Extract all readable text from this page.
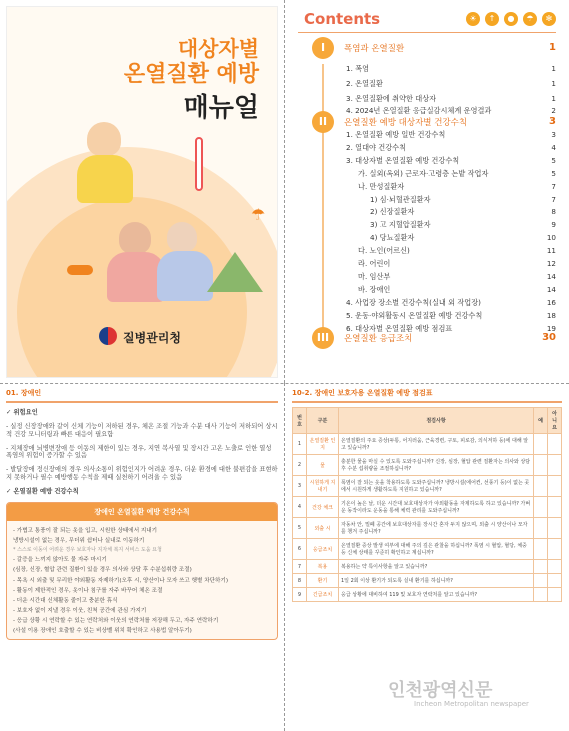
대상자별
온열질환 예방
매뉴얼
☂
질병관리청
Contents	☀	↑	●	☂	✻
I	폭염과 온열질환	1
1. 폭염	1
2. 온열질환	1
3. 온열질환에 취약한 대상자	1
4. 2024년 온열질환 응급실감시체계 운영결과	2
II	온열질환 예방 대상자별 건강수칙	3
1. 온열질환 예방 일반 건강수칙	3
2. 열대야 건강수칙	4
3. 대상자별 온열질환 예방 건강수칙	5
가. 실외(옥외) 근로자·고령층 논밭 작업자	5
나. 만성질환자	7
1) 심·뇌혈관질환자	7
2) 신장질환자	8
3) 고 지혈압질환자	9
4) 당뇨질환자	10
다. 노인(어르신)	11
라. 어린이	12
마. 임산부	14
바. 장애인	14
4. 사업장 장소별 건강수칙(실내 외 작업장)	16
5. 운동·야외활동시 온열질환 예방 건강수칙	18
6. 대상자별 온열질환 예방 점검표	19
III	온열질환 응급조치	30
01. 장애인
✓ 위험요인
- 실정 신장장애와 같이 신체 기능이 저하된 경우, 체온 조절 기능과 수분 대사 기능이 저하되어 상시적 건강 모니터링과 빠른 대응이 필요함
- 지체장애 뇌병변장애 등 이동의 제한이 있는 경우, 지연 복사열 및 장시간 고온 노출로 인한 열성 폭염의 위험이 증가할 수 있음
- 발달장애 정신장애의 경우 의사소통이 위험인지가 어려운 경우, 더운 환경에 대한 불편감을 표현하지 못하거나 필수 예방행동 수칙을 제때 실천하기 어려울 수 있음
✓ 온열질환 예방 건강수칙
장애인 온열질환 예방 건강수칙
- 가볍고 통풍이 잘 되는 옷을 입고, 시원한 상태에서 지내기
냉방시설이 없는 경우, 무더위 쉼터나 실내로 이동하기
* 스스로 이동이 어려운 경우 보호자나 지자체 복지 서비스 도움 요청
- 갈증을 느끼지 않아도 물 자주 마시기
(심장, 신장, 혈압 관련 질환이 있을 경우 의사와 상담 후 수분섭취량 조절)
- 목욕 시 외출 및 무리한 야외활동 자제하기(오후 시, 양산이나 모자 쓰고 햇볕 차단하기)
- 활동이 제한적인 경우, 옷이나 침구를 자주 바꾸어 체온 조절
- 더운 시간대 신체활동 줄이고 충분한 휴식
- 보호자 없이 지낼 경우 이웃, 친척 공간에 관심 가지기
- 응급 상황 시 연락할 수 있는 연락처와 이웃의 연락처를 저장해 두고, 자주 연락하기
(사설 이용 장애인 호출할 수 있는 비상벨 위치 확인하고 사용법 알아두기)
10-2. 장애인 보호자용 온열질환 예방 점검표
번호	구분	점검사항	예	아니요
1	온열질환 인지	온열질환의 주요 증상(두통, 어지러움, 근육경련, 구토, 피로감, 의식저하 등)에 대해 알고 있습니까?		
2	물	충분한 물을 마실 수 있도록 도와주십니까? 신장, 심장, 혈압 관련 질환자는 의사와 상담 후 수분 섭취량을 조절하십니까?		
3	시원하게 지내기	폭염이 잘 되는 옷을 착용하도록 도와주십니까? 냉방시설(에어컨, 선풍기 등)이 없는 곳에서 시원하게 생활하도록 지원하고 있습니까?		
4	건강 체크	기온이 높은 날, 더운 시간대 보호대상자가 야외활동을 자제하도록 하고 있습니까? 가벼운 동작이라도 운동을 통해 체력 관리를 도와주십니까?		
5	외출 시	자동차 안, 밀폐 공간에 보호대상자를 장시간 혼자 두지 않으며, 외출 시 양산이나 모자를 챙겨 주십니까?		
6	응급조치	온열질환 증상 발생 여부에 대해 주의 깊은 관찰을 하십니까? 폭염 시 혈압, 혈당, 체중 등 신체 상태를 꾸준히 확인하고 계십니까?		
7	복용	복용하는 약 특이사항을 알고 있습니까?		
8	환기	1일 2회 이상 환기가 되도록 실내 환기를 하십니까?		
9	긴급조치	응급 상황에 대비하여 119 및 보호자 연락처를 알고 있습니까?		
인천광역신문
Incheon Metropolitan newspaper
